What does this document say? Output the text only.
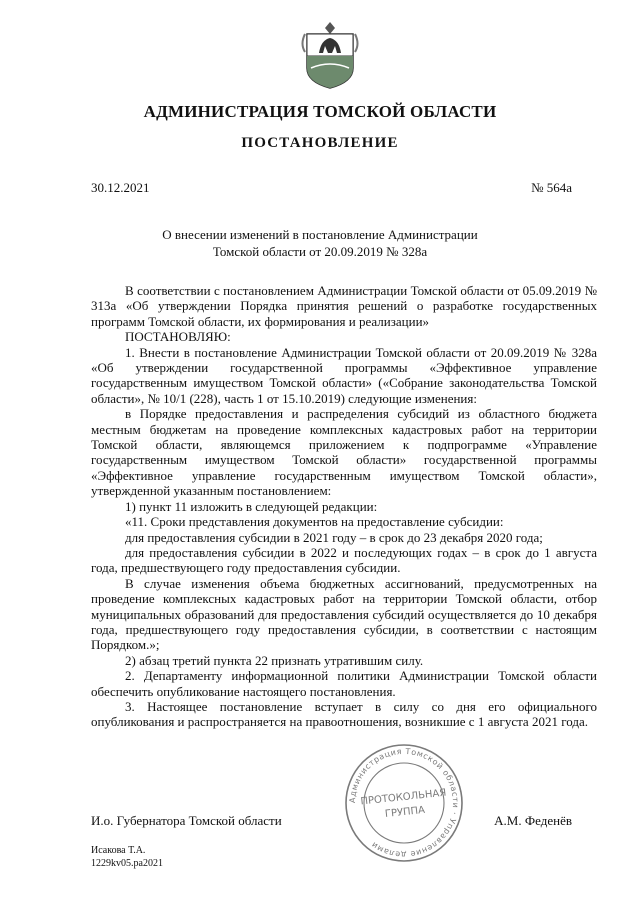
АДМИНИСТРАЦИЯ ТОМСКОЙ ОБЛАСТИ
ПОСТАНОВЛЕНИЕ
30.12.2021	№ 564а
О внесении изменений в постановление Администрации
Томской области от 20.09.2019 № 328а

В соответствии с постановлением Администрации Томской области от 05.09.2019 № 313а «Об утверждении Порядка принятия решений о разработке государственных программ Томской области, их формирования и реализации»

ПОСТАНОВЛЯЮ:

1. Внести в постановление Администрации Томской области от 20.09.2019 № 328а «Об утверждении государственной программы «Эффективное управление государственным имуществом Томской области» («Собрание законодательства Томской области», № 10/1 (228), часть 1 от 15.10.2019) следующие изменения:

в Порядке предоставления и распределения субсидий из областного бюджета местным бюджетам на проведение комплексных кадастровых работ на территории Томской области, являющемся приложением к подпрограмме «Управление государственным имуществом Томской области» государственной программы «Эффективное управление государственным имуществом Томской области», утвержденной указанным постановлением:

1) пункт 11 изложить в следующей редакции:

«11. Сроки представления документов на предоставление субсидии:

для предоставления субсидии в 2021 году – в срок до 23 декабря 2020 года;

для предоставления субсидии в 2022 и последующих годах – в срок до 1 августа года, предшествующего году предоставления субсидии.

В случае изменения объема бюджетных ассигнований, предусмотренных на проведение комплексных кадастровых работ на территории Томской области, отбор муниципальных образований для предоставления субсидий осуществляется до 10 декабря года, предшествующего году предоставления субсидии, в соответствии с настоящим Порядком.»;

2) абзац третий пункта 22 признать утратившим силу.

2. Департаменту информационной политики Администрации Томской области обеспечить опубликование настоящего постановления.

3. Настоящее постановление вступает в силу со дня его официального опубликования и распространяется на правоотношения, возникшие с 1 августа 2021 года.

И.о. Губернатора Томской области	А.М. Феденёв
Администрация Томской области · Управление делами
ПРОТОКОЛЬНАЯ
ГРУППА
Исакова Т.А.
1229kv05.ра2021
